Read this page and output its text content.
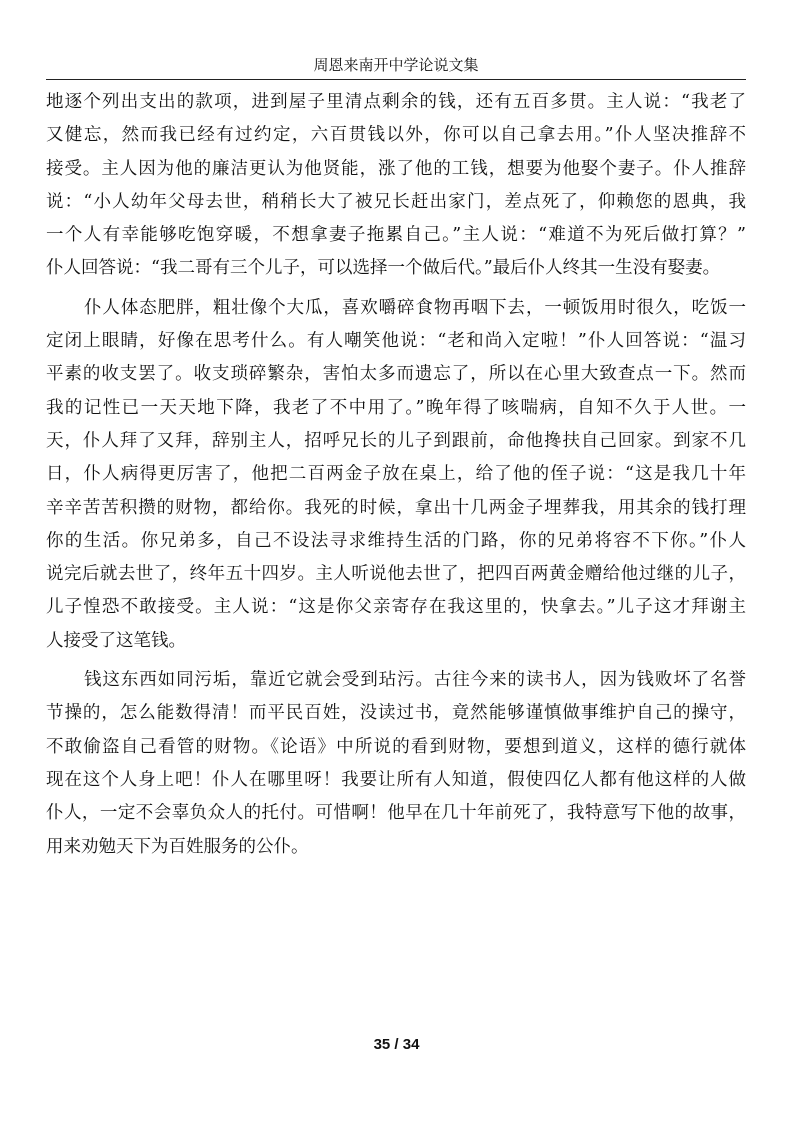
周恩来南开中学论说文集
地逐个列出支出的款项，进到屋子里清点剩余的钱，还有五百多贯。主人说：“我老了
又健忘，然而我已经有过约定，六百贯钱以外，你可以自己拿去用。”仆人坚决推辞不
接受。主人因为他的廉洁更认为他贤能，涨了他的工钱，想要为他娶个妻子。仆人推辞
说：“小人幼年父母去世，稍稍长大了被兄长赶出家门，差点死了，仰赖您的恩典，我
一个人有幸能够吃饱穿暖，不想拿妻子拖累自己。”主人说：“难道不为死后做打算？”
仆人回答说：“我二哥有三个儿子，可以选择一个做后代。”最后仆人终其一生没有娶妻。
仆人体态肥胖，粗壮像个大瓜，喜欢嚼碎食物再咽下去，一顿饭用时很久，吃饭一
定闭上眼睛，好像在思考什么。有人嘲笑他说：“老和尚入定啦！”仆人回答说：“温习
平素的收支罢了。收支琐碎繁杂，害怕太多而遗忘了，所以在心里大致查点一下。然而
我的记性已一天天地下降，我老了不中用了。”晚年得了咳喘病，自知不久于人世。一
天，仆人拜了又拜，辞别主人，招呼兄长的儿子到跟前，命他搀扶自己回家。到家不几
日，仆人病得更厉害了，他把二百两金子放在桌上，给了他的侄子说：“这是我几十年
辛辛苦苦积攒的财物，都给你。我死的时候，拿出十几两金子埋葬我，用其余的钱打理
你的生活。你兄弟多，自己不设法寻求维持生活的门路，你的兄弟将容不下你。”仆人
说完后就去世了，终年五十四岁。主人听说他去世了，把四百两黄金赠给他过继的儿子，
儿子惶恐不敢接受。主人说：“这是你父亲寄存在我这里的，快拿去。”儿子这才拜谢主
人接受了这笔钱。
钱这东西如同污垢，靠近它就会受到玷污。古往今来的读书人，因为钱败坏了名誉
节操的，怎么能数得清！而平民百姓，没读过书，竟然能够谨慎做事维护自己的操守，
不敢偷盗自己看管的财物。《论语》中所说的看到财物，要想到道义，这样的德行就体
现在这个人身上吧！仆人在哪里呀！我要让所有人知道，假使四亿人都有他这样的人做
仆人，一定不会辜负众人的托付。可惜啊！他早在几十年前死了，我特意写下他的故事，
用来劝勉天下为百姓服务的公仆。
35 / 34
